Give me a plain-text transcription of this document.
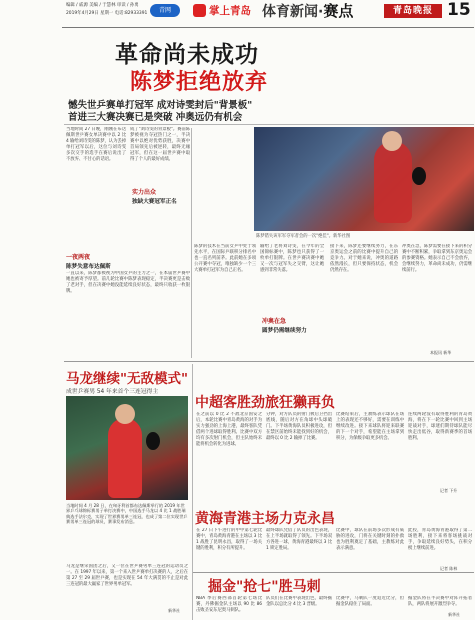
编辑 / 戚源 美编 / 于慧林 审读 / 孙勇
2019年4月29日 星期一 电话:82933391	青网	掌上青岛 体育新闻·赛点	青岛晚报 15
革命尚未成功
陈梦拒绝放弃
憾失世乒赛单打冠军 成对诗雯封后"背景板"
首进三大赛决赛已是突破 冲奥远仍有机会
当地时间 27 日晚，刚刚在布达佩斯世乒赛女单决赛中以 2 比 4 输给刘诗雯的陈梦，认为丢掉单打冠军以后，这位与刘诗雯多次交手的选手在赛后说出了不放弃、不甘心的话语。
成了"刘诗雯的背景板"。赛前陈梦被视为夺冠热门之一，半决赛中以绝对优势获胜，决赛中首局领先后被逆转，最终无缘冠军，但在这一届世乒赛中取得了个人的最好成绩。
一夜两夜
陈梦失意布达佩斯
一直以来，陈梦都被视为中国女乒的主力之一，在本届世乒赛中她也被寄予厚望。前几轮比赛中陈梦表现稳定，半决赛更是击败了老对手，但在决赛中她没能延续良好状态，最终只收获一枚银牌。
实力出众
独缺大赛冠军正名
陈梦错失该军军夺军者会的一次"绝佳"。新华社图
陈梦的技术在当前女乒中处于领先水平，在国际乒联积分排名中也一直名列前茅。此前她在多项公开赛中夺冠，唯独缺少一个三大赛单打冠军为自己正名。
输给了老将刘诗雯，在今年的全国锦标赛中，陈梦也只获得了一枚单打银牌。在世乒赛决赛中她又一次与冠军失之交臂，这让她感到非常失落。
接下来，陈梦还要继续努力，在东京奥运会之前的比赛中提升自己的竞争力。对于她来说，冲奥的道路依然漫长，但只要保持状态，机会仍然存在。
冲奥在急，陈梦需要在接下来的积分赛中不断积累，争取拿到东京奥运会的参赛资格。她表示自己不会放弃，会继续努力，革命尚未成功，仍需继续前行。
冲奥在急
圆梦仍需继续努力
本报讯 新华
马龙继续"无敌模式"
成世乒赛男 54 年来首个三连冠得主
当地时间 4 月 28 日，在匈牙利首都布达佩斯举行的 2019 年世界乒乓球锦标赛男子单打决赛中，中国选手马龙以 4 比 1 战胜瑞典选手法尔克，实现了世界赛男单三连冠，也成了第二位实现世乒赛男单三连冠的球员，赛事发布消息。
马龙是继荣国团之后，又一位在世乒赛男单三连冠的运动员之一。在 1997 年以来，第一个来入世乒赛单打决赛的人，之后在第 27 至 29 届世乒赛，也是实现在 54 年大满贯的不止是对此三连冠的最大赢家了世界男单冠军。
新华社
中超客胜劲旅狂獭再负
在之前以 0 比 2 不敌北京国安之后，本轮比赛中青岛黄海的对手为实力强劲的上海上港，最终客队凭借两个进球取得胜利。比赛中双方均有多次射门机会，但主队始终未能将机会转化为进球。
分钟，对方队员的射门被后卫挡出底线，随后对方在角球中头球破门。下半场黄海队员积极进攻，但在禁区前始终未能找到好的机会，最终以 0 比 2 输掉了比赛。
比赛结束后，主教练表示球队在场上的表现还不够好，需要在训练中继续改进。接下来球队将迎来联赛的下一个对手，希望能在主场拿到积分，为保级争取更多机会。
连续两轮没有取得胜利的青岛黄海，将在下一轮比赛中回到主场迎战对手，球迷们期待球队能尽快走出低谷，取得新赛季的首场胜利。
记者 下升
黄海青港主场力克永昌
在 27 日下午进行的中甲第七轮比赛中，青岛黄海青港在主场以 3 比 1 战胜了昆明永昌，取得了一场关键的胜利，积分有所提升。
最终球队凭借了队员的出色表现，在上半场就取得了领先。下半场双方各进一球，黄海青港最终以 3 比 1 锁定胜局。
比赛中，球队在前场多次形成有威胁的进攻，门将在关键时刻的扑救也为胜利奠定了基础，主教练对此表示满意。
此役，青岛黄海青港取得了第二场胜利，接下来将客场挑战对手，争取延续良好势头，在积分榜上继续前进。
记者 陈林
掘金"抢七"胜马刺
NBA 季后赛西部首轮第七场比赛，丹佛掘金队主场以 90 比 86 击败圣安东尼奥马刺队。
队员们在比赛中表现出色，最终掘金队以总比分 4 比 3 晋级。
比赛中，马刺队一度追近比分，但掘金队稳住了局面。
掘金队将在半决赛中对阵开拓者队，两队将展开激烈争夺。
新华社
